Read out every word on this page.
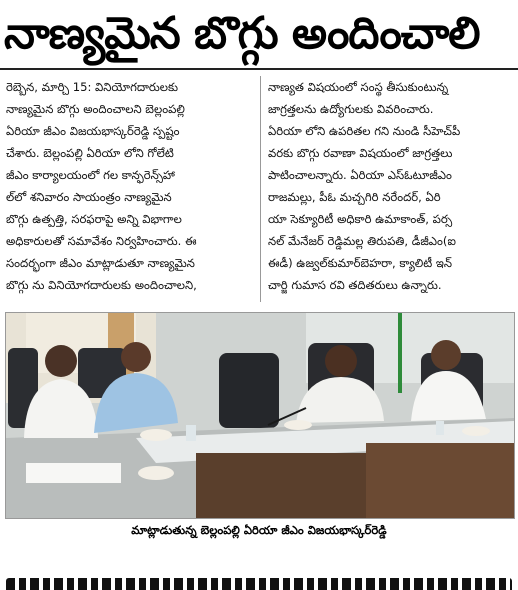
నాణ్యమైన బొగ్గు అందించాలి
రెబ్బెన, మార్చి 15: వినియోగదారులకు
నాణ్యమైన బొగ్గు అందించాలని బెల్లంపల్లి
ఏరియా జీఎం విజయభాస్కర్‌రెడ్డి స్పష్టం
చేశారు. బెల్లంపల్లి ఏరియా లోని గోలేటి
జీఎం కార్యాలయంలో గల కాన్ఫరెన్స్‌హా
ల్‌లో శనివారం సాయంత్రం నాణ్యమైన
బొగ్గు ఉత్పత్తి, సరఫరాపై అన్ని విభాగాల
అధికారులతో సమావేశం నిర్వహించారు. ఈ
సందర్భంగా జీఎం మాట్లాడుతూ నాణ్యమైన
బొగ్గు ను వినియోగదారులకు అందించాలని,
నాణ్యత విషయంలో సంస్థ తీసుకుంటున్న
జాగ్రత్తలను ఉద్యోగులకు వివరించారు.
ఏరియా లోని ఉపరితల గని నుండి సీహెచ్‌పీ
వరకు బొగ్గు రవాణా విషయంలో జాగ్రత్తలు
పాటించాలన్నారు. ఏరియా ఎస్‌ఓటూజీఎం
రాజమల్లు, పీఓ మచ్చగిరి నరేందర్, ఏరి
యా సెక్యూరిటీ అధికారి ఉమాకాంత్, పర్స
నల్ మేనేజర్ రెడ్డిమల్ల తిరుపతి, డీజీఎం(ఐ
ఈడీ) ఉజ్వల్‌కుమార్‌బెహరా, క్యాలిటీ ఇన్
చార్జి గుమాస రవి తదితరులు ఉన్నారు.
మాట్లాడుతున్న బెల్లంపల్లి ఏరియా జీఎం విజయభాస్కర్‌రెడ్డి
